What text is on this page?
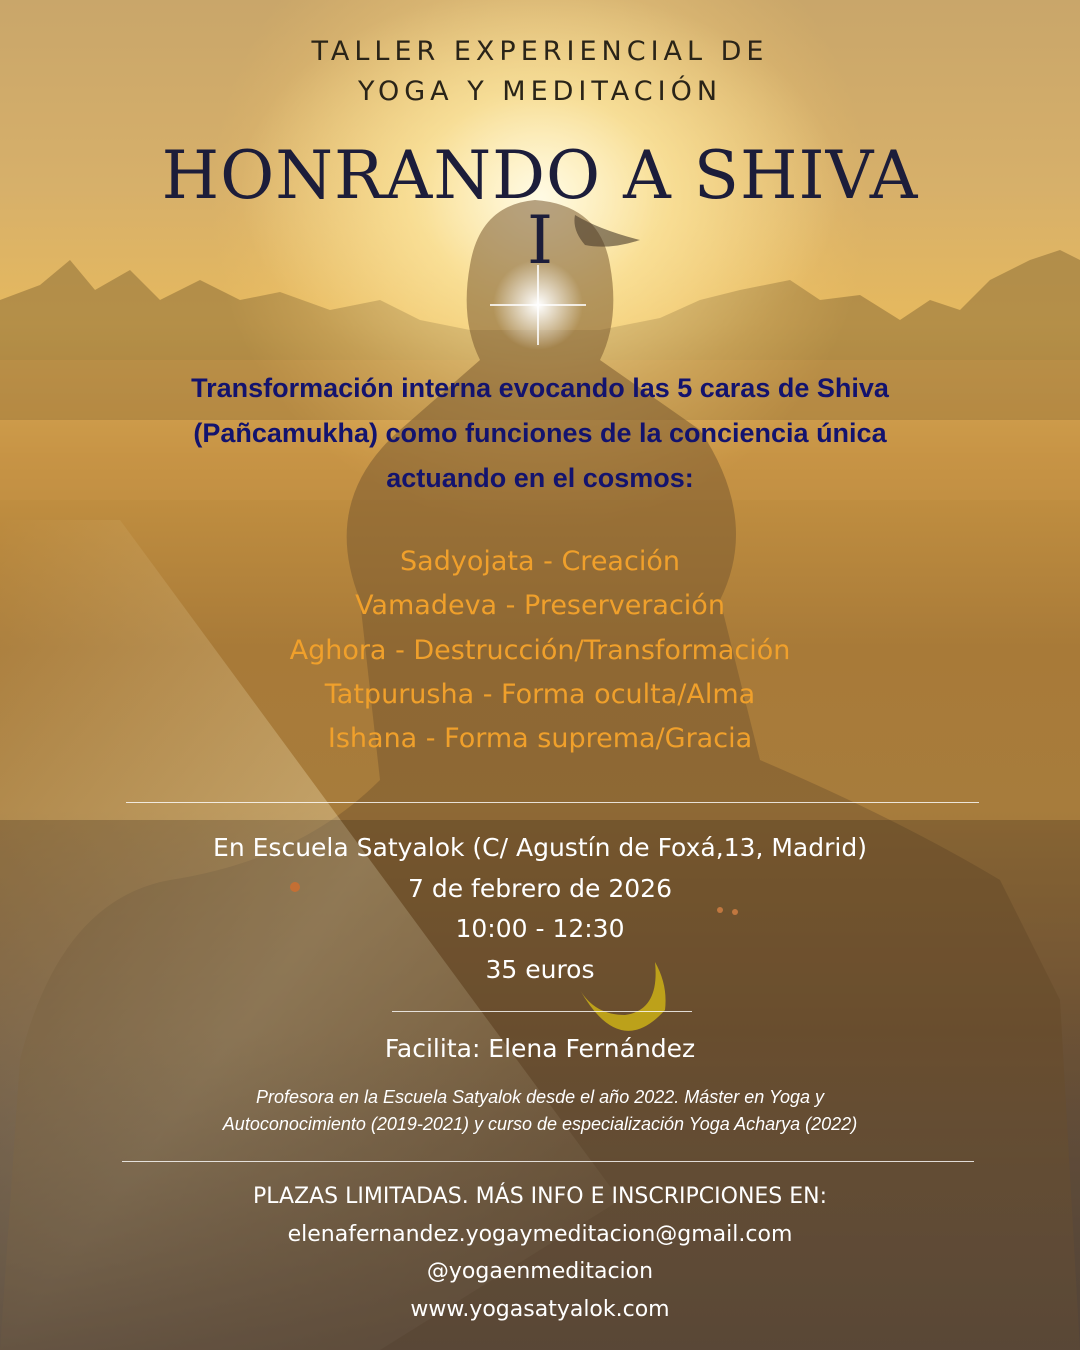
TALLER EXPERIENCIAL DE
YOGA Y MEDITACIÓN
HONRANDO A SHIVA
I
Transformación interna evocando las 5 caras de Shiva
(Pañcamukha) como funciones de la conciencia única
actuando en el cosmos:
Sadyojata - Creación
Vamadeva - Preserveración
Aghora - Destrucción/Transformación
Tatpurusha - Forma oculta/Alma
Ishana - Forma suprema/Gracia
En Escuela Satyalok (C/ Agustín de Foxá,13, Madrid)
7 de febrero de 2026
10:00 - 12:30
35 euros
Facilita: Elena Fernández
Profesora en la Escuela Satyalok desde el año 2022. Máster en Yoga y
Autoconocimiento (2019-2021) y curso de especialización Yoga Acharya (2022)
PLAZAS LIMITADAS. MÁS INFO E INSCRIPCIONES EN:
elenafernandez.yogaymeditacion@gmail.com
@yogaenmeditacion
www.yogasatyalok.com
